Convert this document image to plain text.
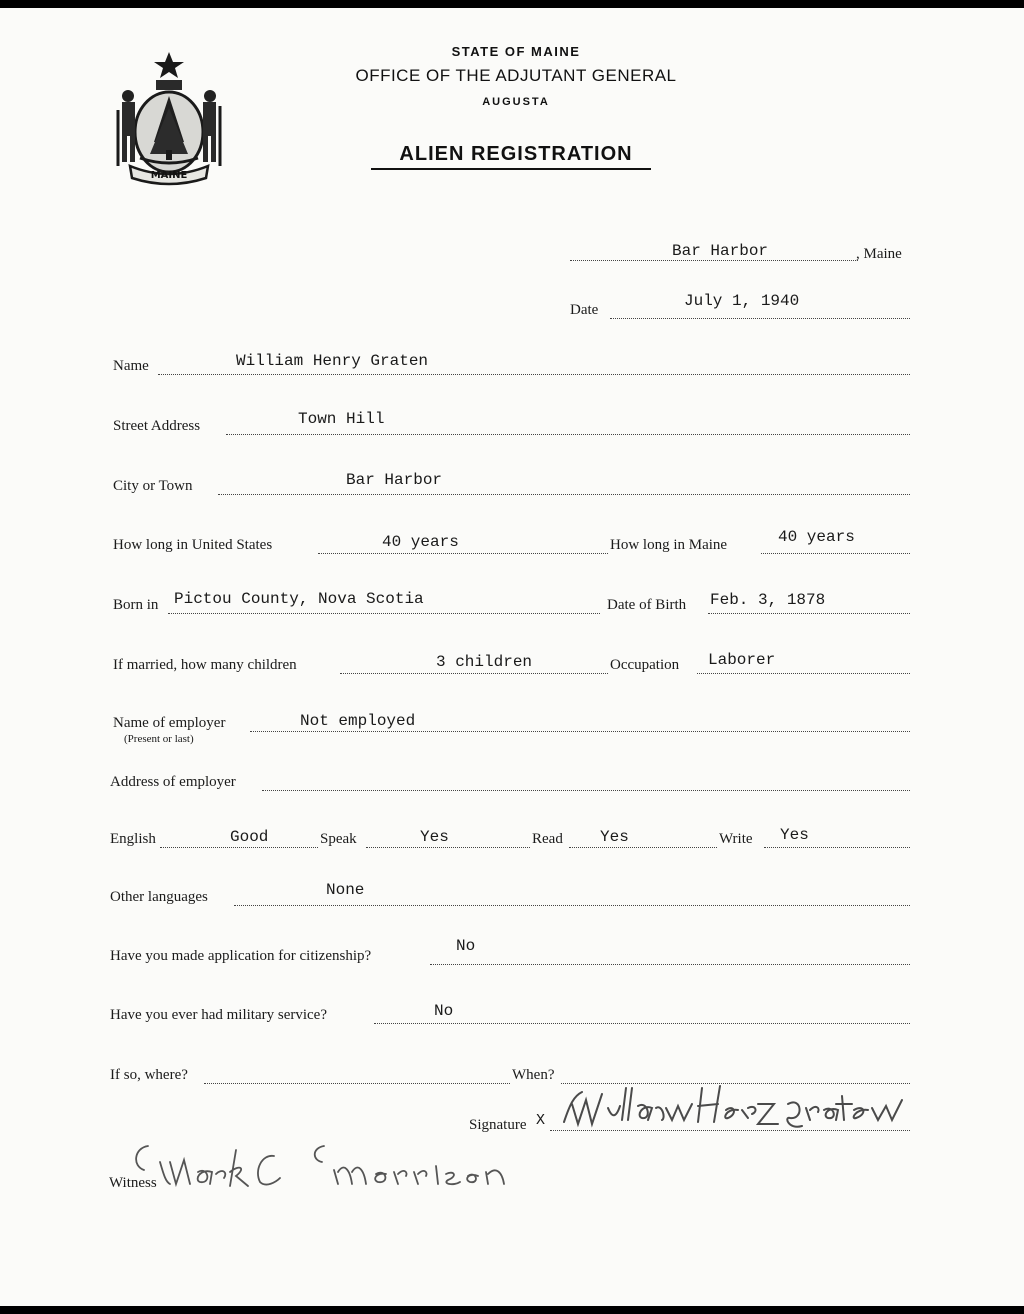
MAINE
STATE OF MAINE
OFFICE OF THE ADJUTANT GENERAL
AUGUSTA
ALIEN REGISTRATION
Bar Harbor	, Maine
Date	July 1, 1940
Name	William Henry Graten
Street Address	Town Hill
City or Town	Bar Harbor
How long in United States	40 years	How long in Maine	40 years
Born in Pictou County, Nova Scotia	Date of Birth Feb. 3, 1878
If married, how many children	3 children	Occupation Laborer
Name of employer
(Present or last)
Not employed
Address of employer
English	Good	Speak	Yes	Read Yes	Write Yes
Other languages	None
Have you made application for citizenship?
No
Have you ever had military service?	No
If so, where?	When?
Signature X
Witness
